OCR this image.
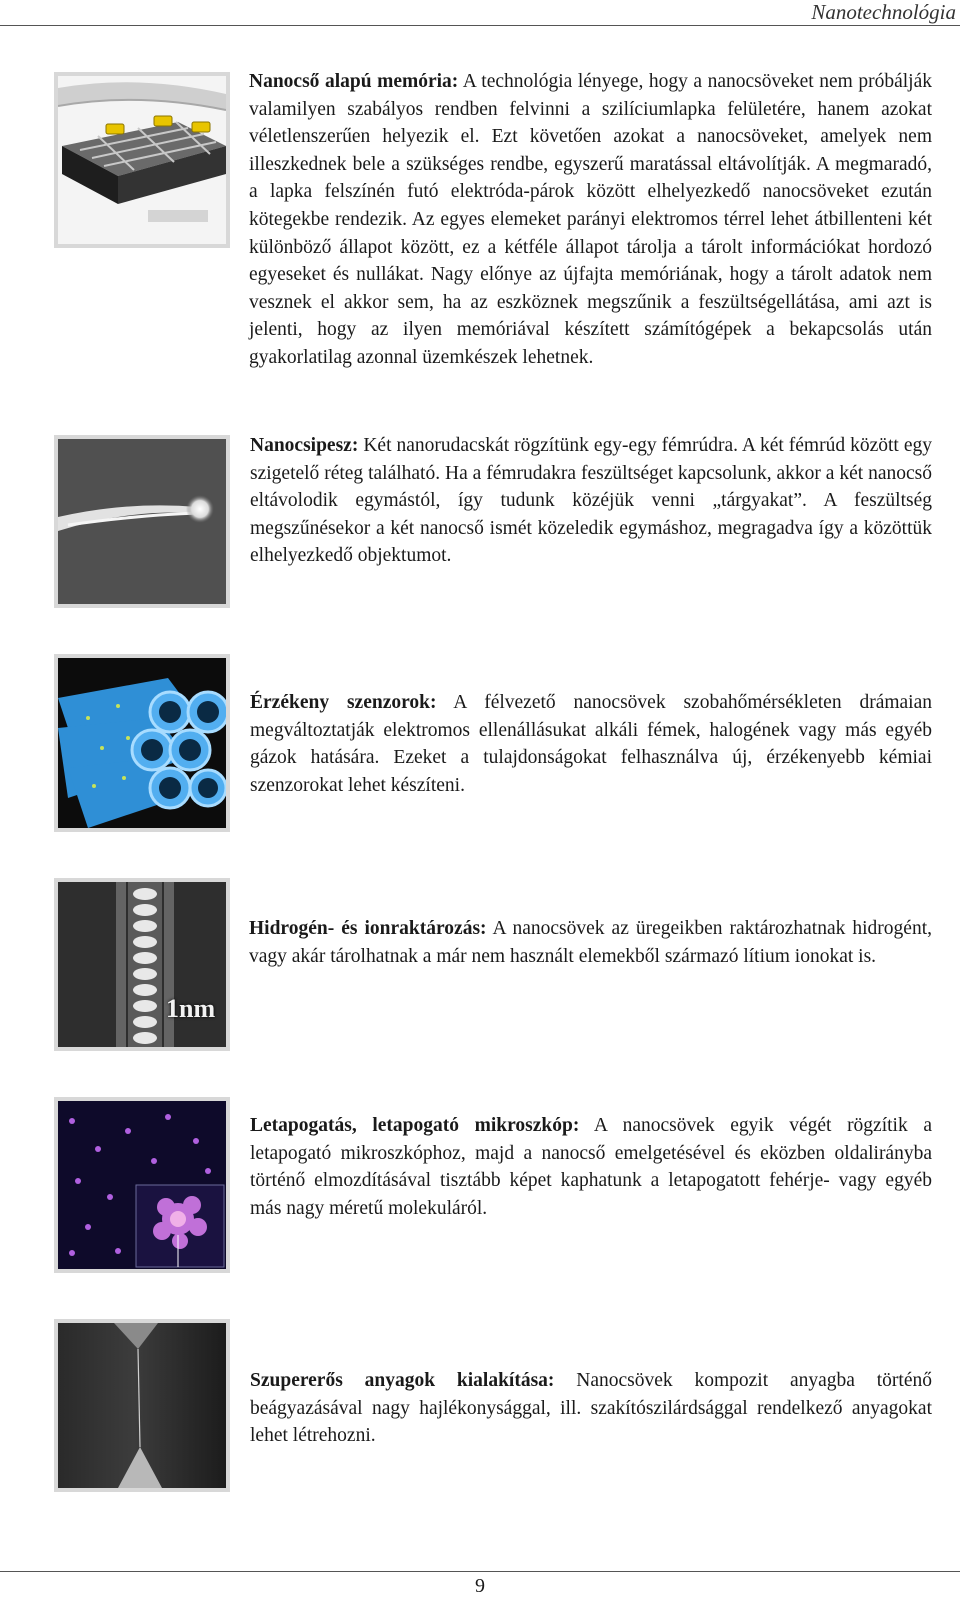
Nanotechnológia

Nanocső alapú memória: A technológia lényege, hogy a nanocsöveket nem próbálják valamilyen szabályos rendben felvinni a szilíciumlapka felületére, hanem azokat véletlenszerűen helyezik el. Ezt követően azokat a nanocsöveket, amelyek nem illeszkednek bele a szükséges rendbe, egyszerű maratással eltávolítják. A megmaradó, a lapka felszínén futó elektróda-párok között elhelyezkedő nanocsöveket ezután kötegekbe rendezik. Az egyes elemeket parányi elektromos térrel lehet átbillenteni két különböző állapot között, ez a kétféle állapot tárolja a tárolt információkat hordozó egyeseket és nullákat. Nagy előnye az újfajta memóriának, hogy a tárolt adatok nem vesznek el akkor sem, ha az eszköznek megszűnik a feszültségellátása, ami azt is jelenti, hogy az ilyen memóriával készített számítógépek a bekapcsolás után gyakorlatilag azonnal üzemkészek lehetnek.

Nanocsipesz: Két nanorudacskát rögzítünk egy-egy fémrúdra. A két fémrúd között egy szigetelő réteg található. Ha a fémrudakra feszültséget kapcsolunk, akkor a két nanocső eltávolodik egymástól, így tudunk közéjük venni „tárgyakat”. A feszültség megszűnésekor a két nanocső ismét közeledik egymáshoz, megragadva így a közöttük elhelyezkedő objektumot.

Érzékeny szenzorok: A félvezető nanocsövek szobahőmérsékleten drámaian megváltoztatják elektromos ellenállásukat alkáli fémek, halogének vagy más egyéb gázok hatására. Ezeket a tulajdonságokat felhasználva új, érzékenyebb kémiai szenzorokat lehet készíteni.

1nm

Hidrogén- és ionraktározás: A nanocsövek az üregeikben raktározhatnak hidrogént, vagy akár tárolhatnak a már nem használt elemekből származó lítium ionokat is.

Letapogatás, letapogató mikroszkóp: A nanocsövek egyik végét rögzítik a letapogató mikroszkóphoz, majd a nanocső emelgetésével és eközben oldalirányba történő elmozdításával tisztább képet kaphatunk a letapogatott fehérje- vagy egyéb más nagy méretű molekuláról.

Szupererős anyagok kialakítása: Nanocsövek kompozit anyagba történő beágyazásával nagy hajlékonysággal, ill. szakítószilárdsággal rendelkező anyagokat lehet létrehozni.

9
